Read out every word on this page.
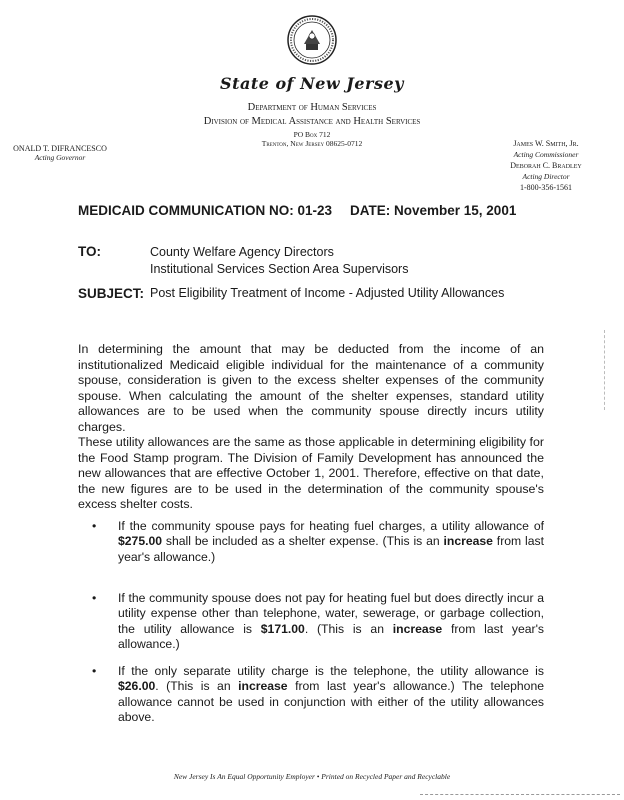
State of New Jersey
Department of Human Services
Division of Medical Assistance and Health Services
PO Box 712
Trenton, New Jersey 08625-0712
ONALD T. DIFRANCESCO
Acting Governor
James W. Smith, Jr.
Acting Commissioner
Deborah C. Bradley
Acting Director
1-800-356-1561
MEDICAID COMMUNICATION NO: 01-23 DATE: November 15, 2001
TO:	County Welfare Agency Directors
Institutional Services Section Area Supervisors
SUBJECT: Post Eligibility Treatment of Income - Adjusted Utility Allowances
In determining the amount that may be deducted from the income of an institutionalized Medicaid eligible individual for the maintenance of a community spouse, consideration is given to the excess shelter expenses of the community spouse. When calculating the amount of the shelter expenses, standard utility allowances are to be used when the community spouse directly incurs utility charges.
These utility allowances are the same as those applicable in determining eligibility for the Food Stamp program. The Division of Family Development has announced the new allowances that are effective October 1, 2001. Therefore, effective on that date, the new figures are to be used in the determination of the community spouse's excess shelter costs.
• If the community spouse pays for heating fuel charges, a utility allowance of $275.00 shall be included as a shelter expense. (This is an increase from last year's allowance.)
• If the community spouse does not pay for heating fuel but does directly incur a utility expense other than telephone, water, sewerage, or garbage collection, the utility allowance is $171.00. (This is an increase from last year's allowance.)
• If the only separate utility charge is the telephone, the utility allowance is $26.00. (This is an increase from last year's allowance.) The telephone allowance cannot be used in conjunction with either of the utility allowances above.
New Jersey Is An Equal Opportunity Employer • Printed on Recycled Paper and Recyclable
